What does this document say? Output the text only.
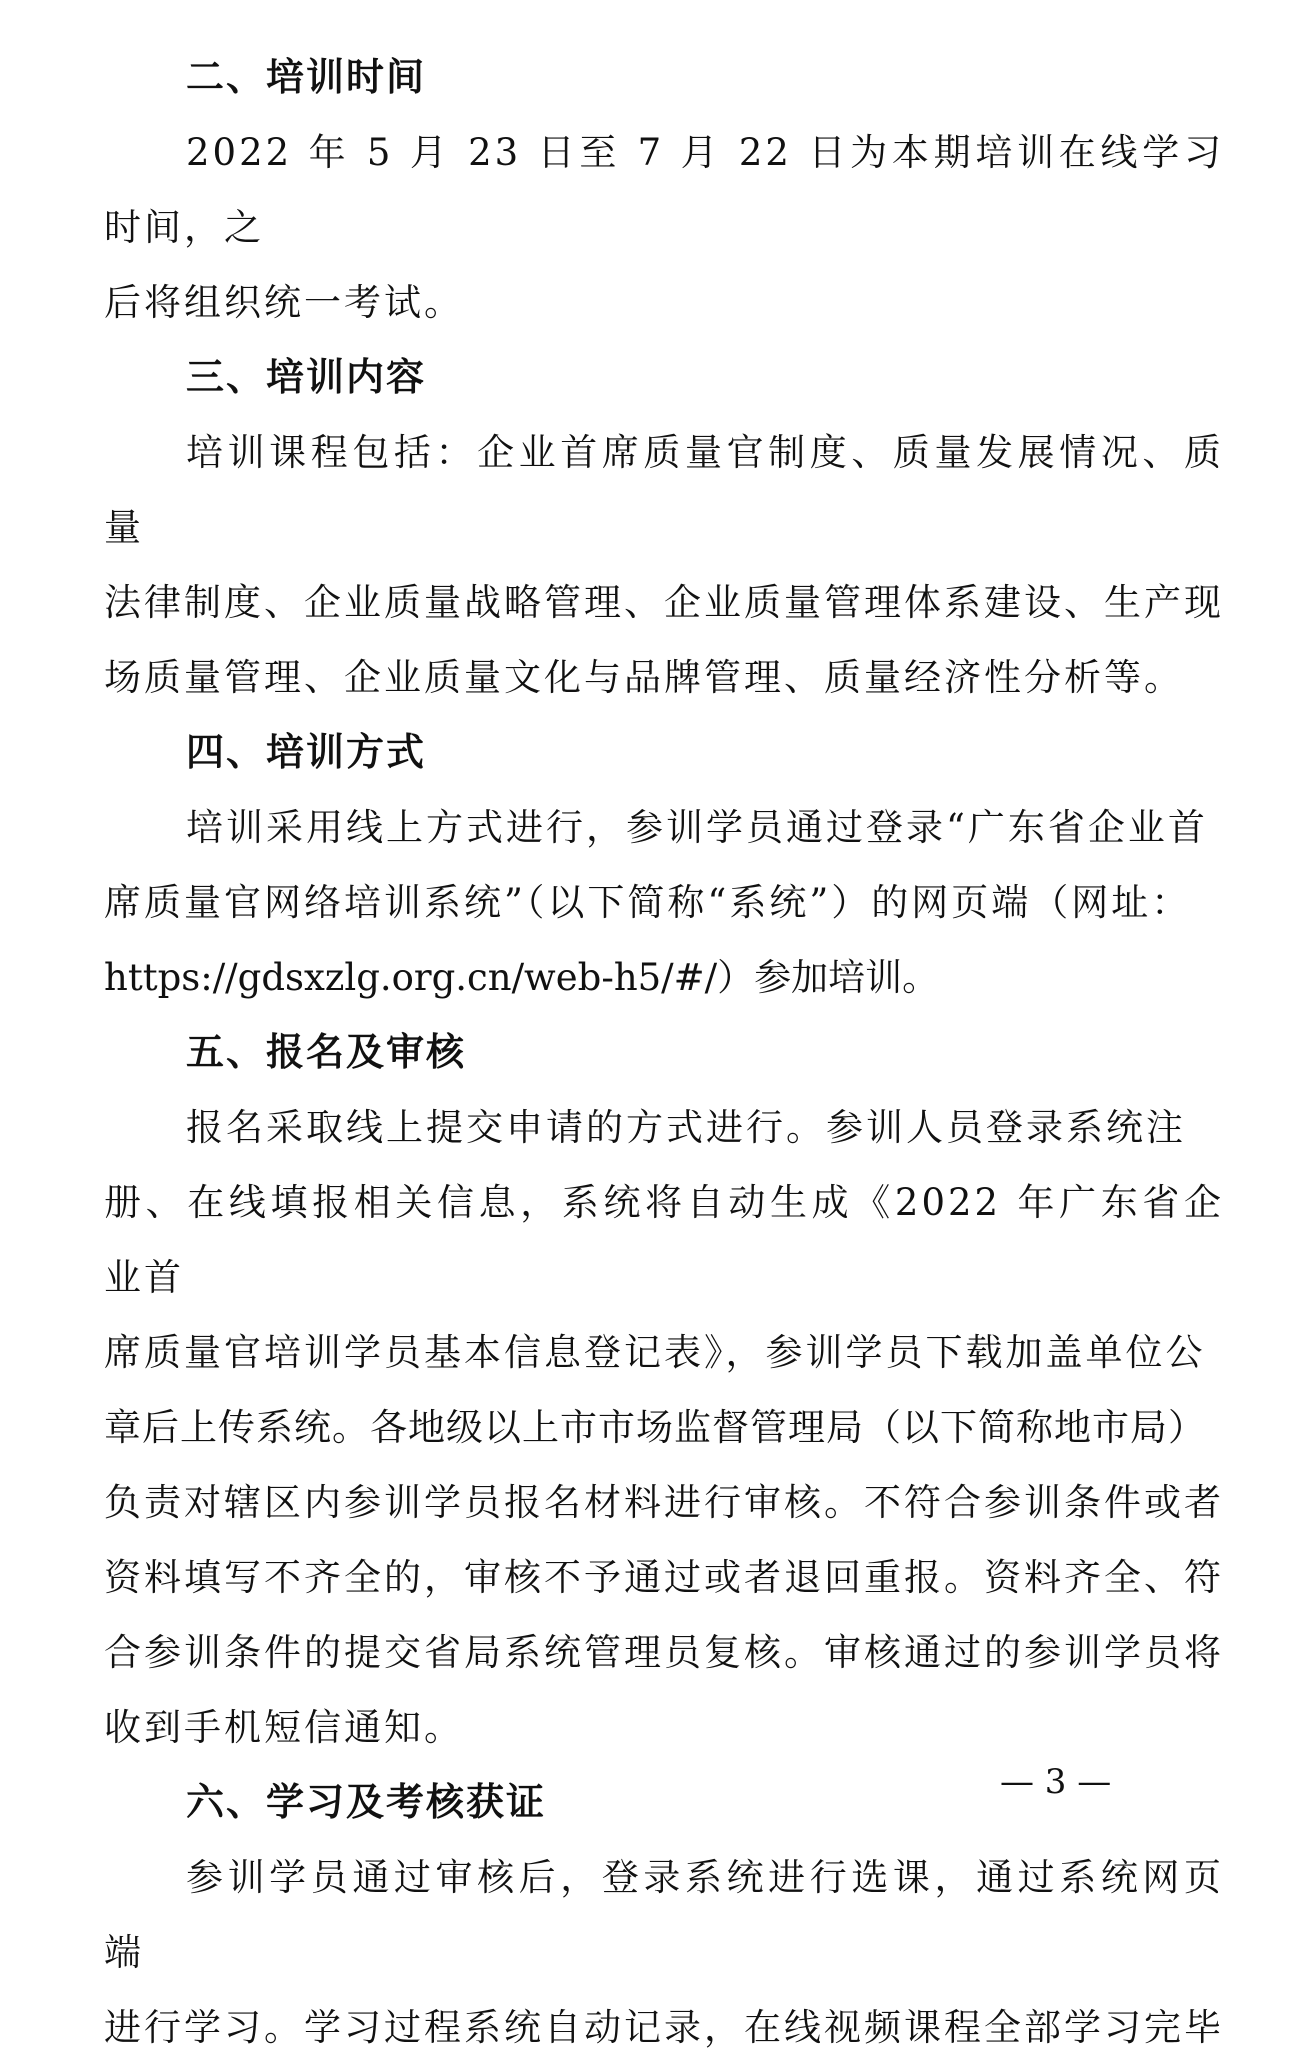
二、培训时间

2022 年 5 月 23 日至 7 月 22 日为本期培训在线学习时间，之
后将组织统一考试。

三、培训内容

培训课程包括：企业首席质量官制度、质量发展情况、质量
法律制度、企业质量战略管理、企业质量管理体系建设、生产现
场质量管理、企业质量文化与品牌管理、质量经济性分析等。

四、培训方式

培训采用线上方式进行，参训学员通过登录“广东省企业首
席质量官网络培训系统”（以下简称“系统”）的网页端（网址：
https://gdsxzlg.org.cn/web-h5/#/）参加培训。

五、报名及审核

报名采取线上提交申请的方式进行。参训人员登录系统注
册、在线填报相关信息，系统将自动生成《2022 年广东省企业首
席质量官培训学员基本信息登记表》，参训学员下载加盖单位公
章后上传系统。各地级以上市市场监督管理局（以下简称地市局）
负责对辖区内参训学员报名材料进行审核。不符合参训条件或者
资料填写不齐全的，审核不予通过或者退回重报。资料齐全、符
合参训条件的提交省局系统管理员复核。审核通过的参训学员将
收到手机短信通知。

六、学习及考核获证

参训学员通过审核后，登录系统进行选课，通过系统网页端
进行学习。学习过程系统自动记录，在线视频课程全部学习完毕

— 3 —
